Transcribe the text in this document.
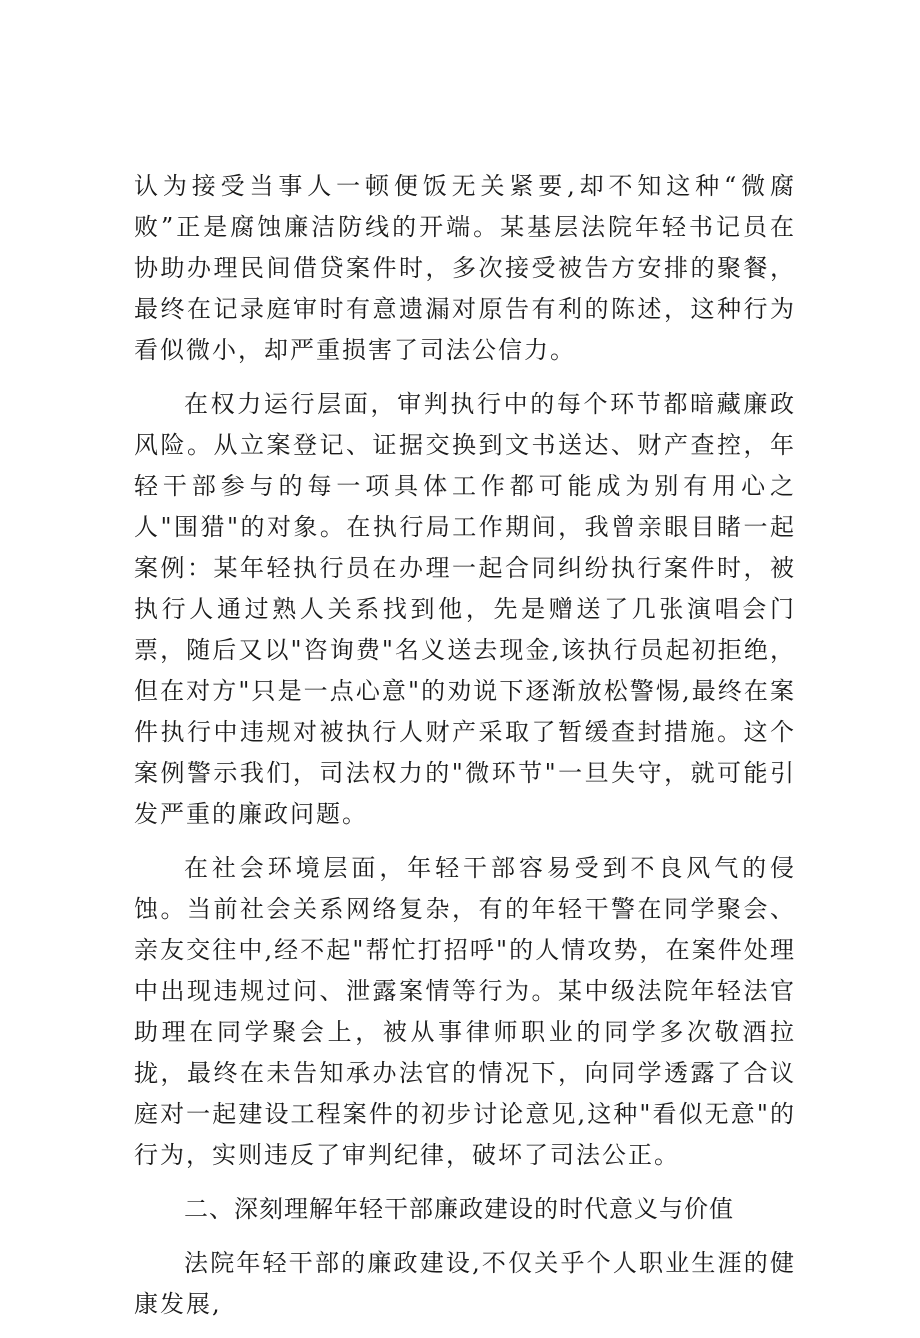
认为接受当事人一顿便饭无关紧要,却不知这种“微腐败”正是腐蚀廉洁防线的开端。某基层法院年轻书记员在协助办理民间借贷案件时，多次接受被告方安排的聚餐，最终在记录庭审时有意遗漏对原告有利的陈述，这种行为看似微小，却严重损害了司法公信力。

在权力运行层面，审判执行中的每个环节都暗藏廉政风险。从立案登记、证据交换到文书送达、财产查控，年轻干部参与的每一项具体工作都可能成为别有用心之人"围猎"的对象。在执行局工作期间，我曾亲眼目睹一起案例：某年轻执行员在办理一起合同纠纷执行案件时，被执行人通过熟人关系找到他，先是赠送了几张演唱会门票，随后又以"咨询费"名义送去现金,该执行员起初拒绝，但在对方"只是一点心意"的劝说下逐渐放松警惕,最终在案件执行中违规对被执行人财产采取了暂缓查封措施。这个案例警示我们，司法权力的"微环节"一旦失守，就可能引发严重的廉政问题。

在社会环境层面，年轻干部容易受到不良风气的侵蚀。当前社会关系网络复杂，有的年轻干警在同学聚会、亲友交往中,经不起"帮忙打招呼"的人情攻势，在案件处理中出现违规过问、泄露案情等行为。某中级法院年轻法官助理在同学聚会上，被从事律师职业的同学多次敬酒拉拢，最终在未告知承办法官的情况下，向同学透露了合议庭对一起建设工程案件的初步讨论意见,这种"看似无意"的行为，实则违反了审判纪律，破坏了司法公正。

二、深刻理解年轻干部廉政建设的时代意义与价值

法院年轻干部的廉政建设,不仅关乎个人职业生涯的健康发展,
